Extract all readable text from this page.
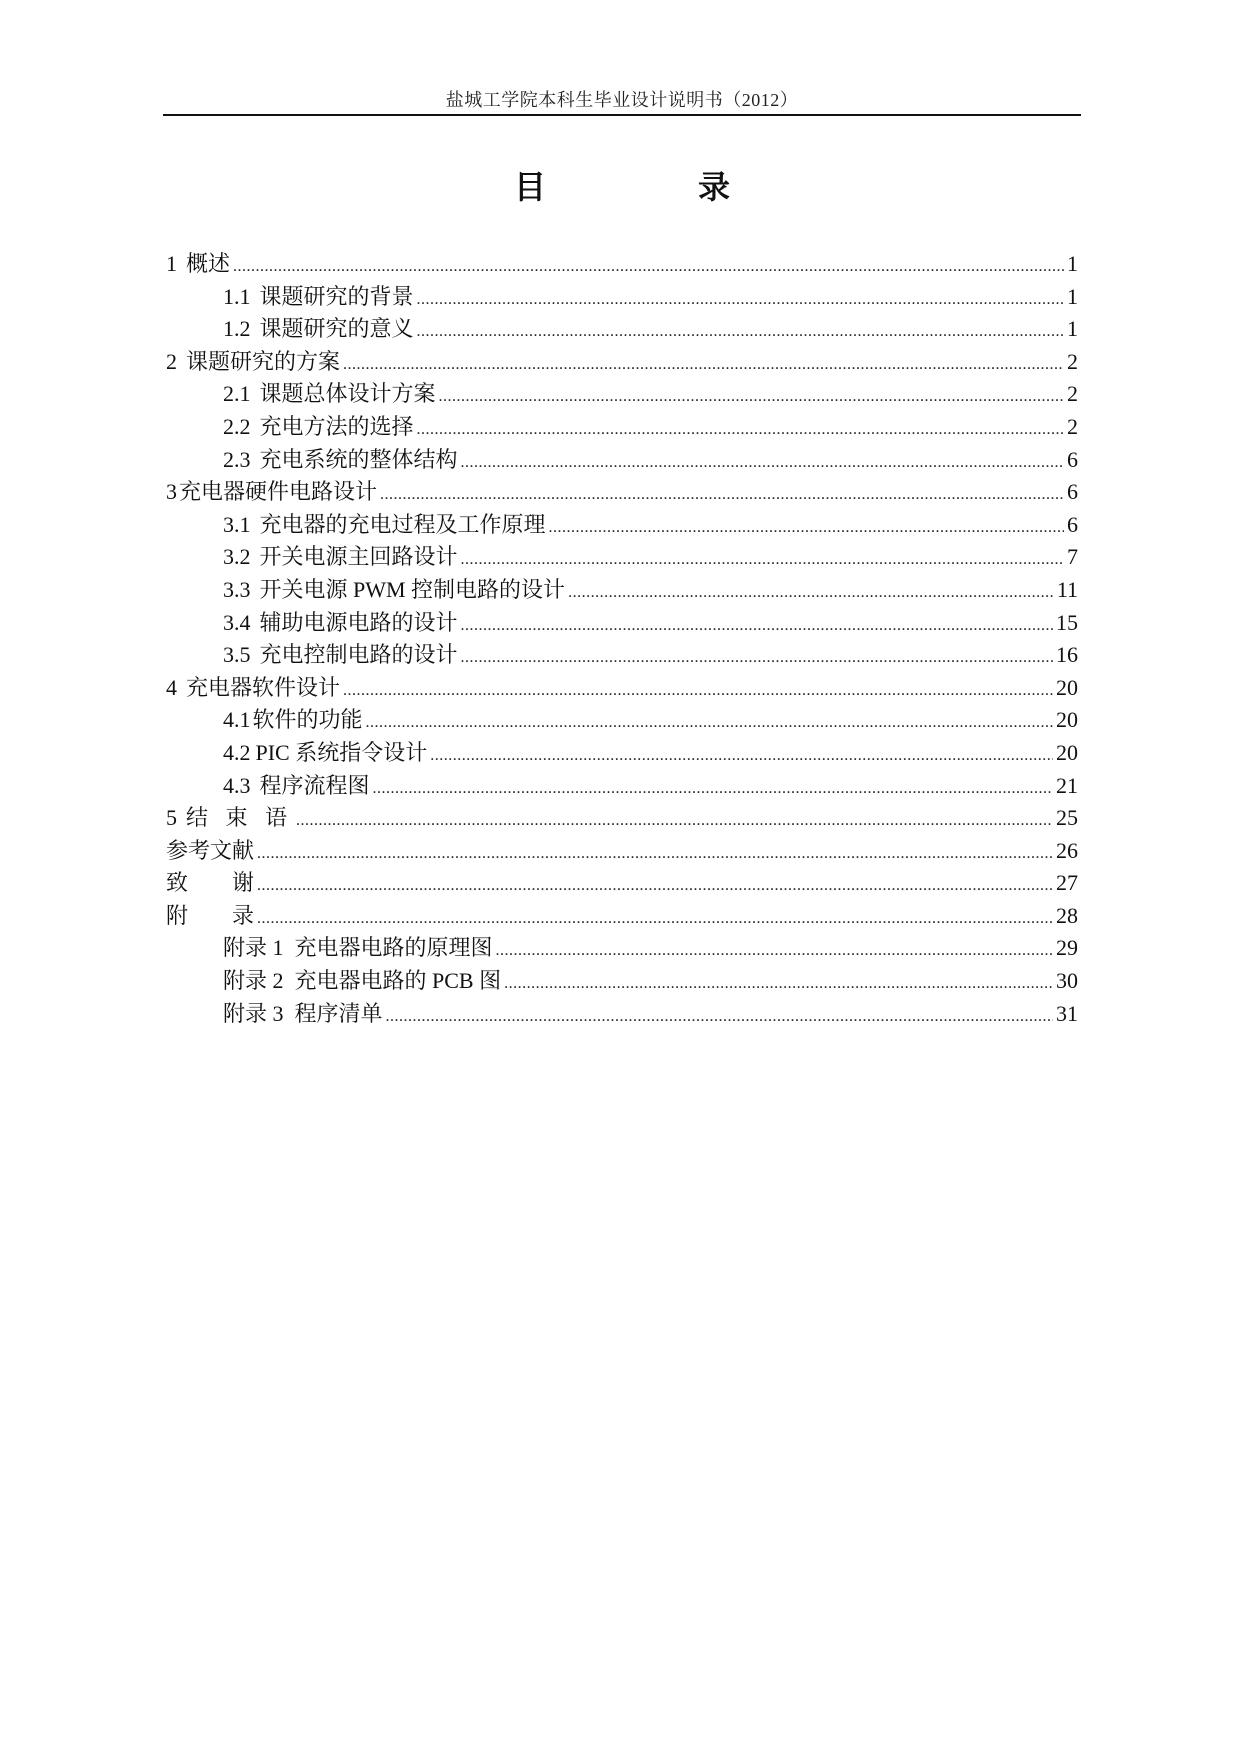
盐城工学院本科生毕业设计说明书（2012）
目　录
1 概述 .....	1
1.1 课题研究的背景 .....	1
1.2 课题研究的意义 .....	1
2 课题研究的方案 .....	2
2.1 课题总体设计方案 .....	2
2.2 充电方法的选择 .....	2
2.3 充电系统的整体结构 .....	6
3 充电器硬件电路设计 .....	6
3.1 充电器的充电过程及工作原理 .....	6
3.2 开关电源主回路设计 .....	7
3.3 开关电源 PWM 控制电路的设计 .....	11
3.4 辅助电源电路的设计 .....	15
3.5 充电控制电路的设计 .....	16
4 充电器软件设计 .....	20
4.1 软件的功能 .....	20
4.2 PIC 系统指令设计 .....	20
4.3 程序流程图 .....	21
5 结 束 语 .....	25
参考文献 .....	26
致　　谢 .....	27
附　　录 .....	28
附录 1  充电器电路的原理图 .....	29
附录 2  充电器电路的 PCB 图 .....	30
附录 3  程序清单 .....	31
